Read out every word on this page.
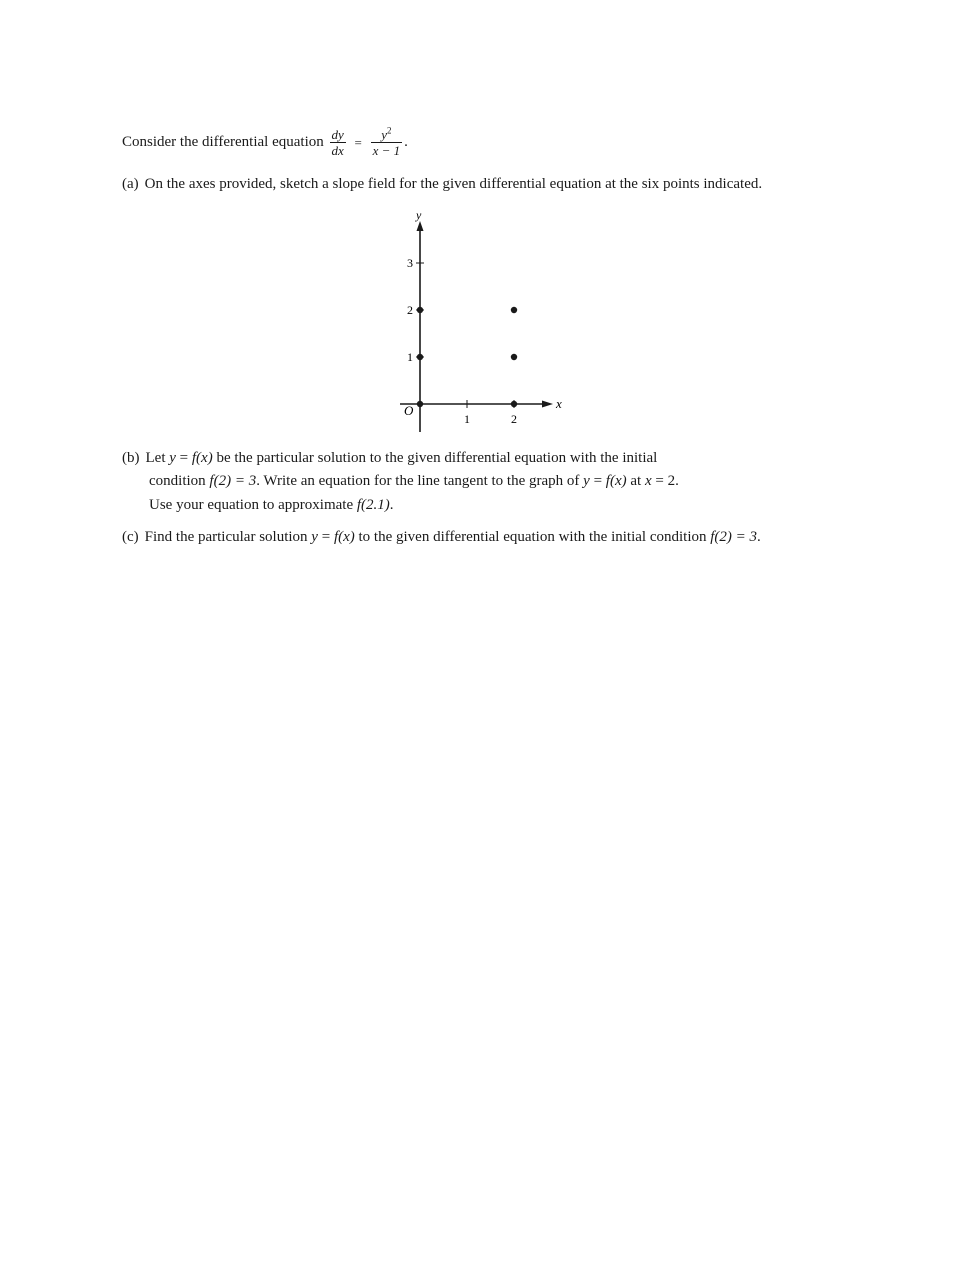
Consider the differential equation $\frac{dy}{dx} = \frac{y^2}{x - 1}$ .
(a) On the axes provided, sketch a slope field for the given differential equation at the six points indicated.
y
x
O
1	2
1
2
3
(b) Let y = f(x) be the particular solution to the given differential equation with the initial
condition f(2) = 3. Write an equation for the line tangent to the graph of y = f(x) at x = 2.
Use your equation to approximate f(2.1).
(c) Find the particular solution y = f(x) to the given differential equation with the initial condition f(2) = 3.
